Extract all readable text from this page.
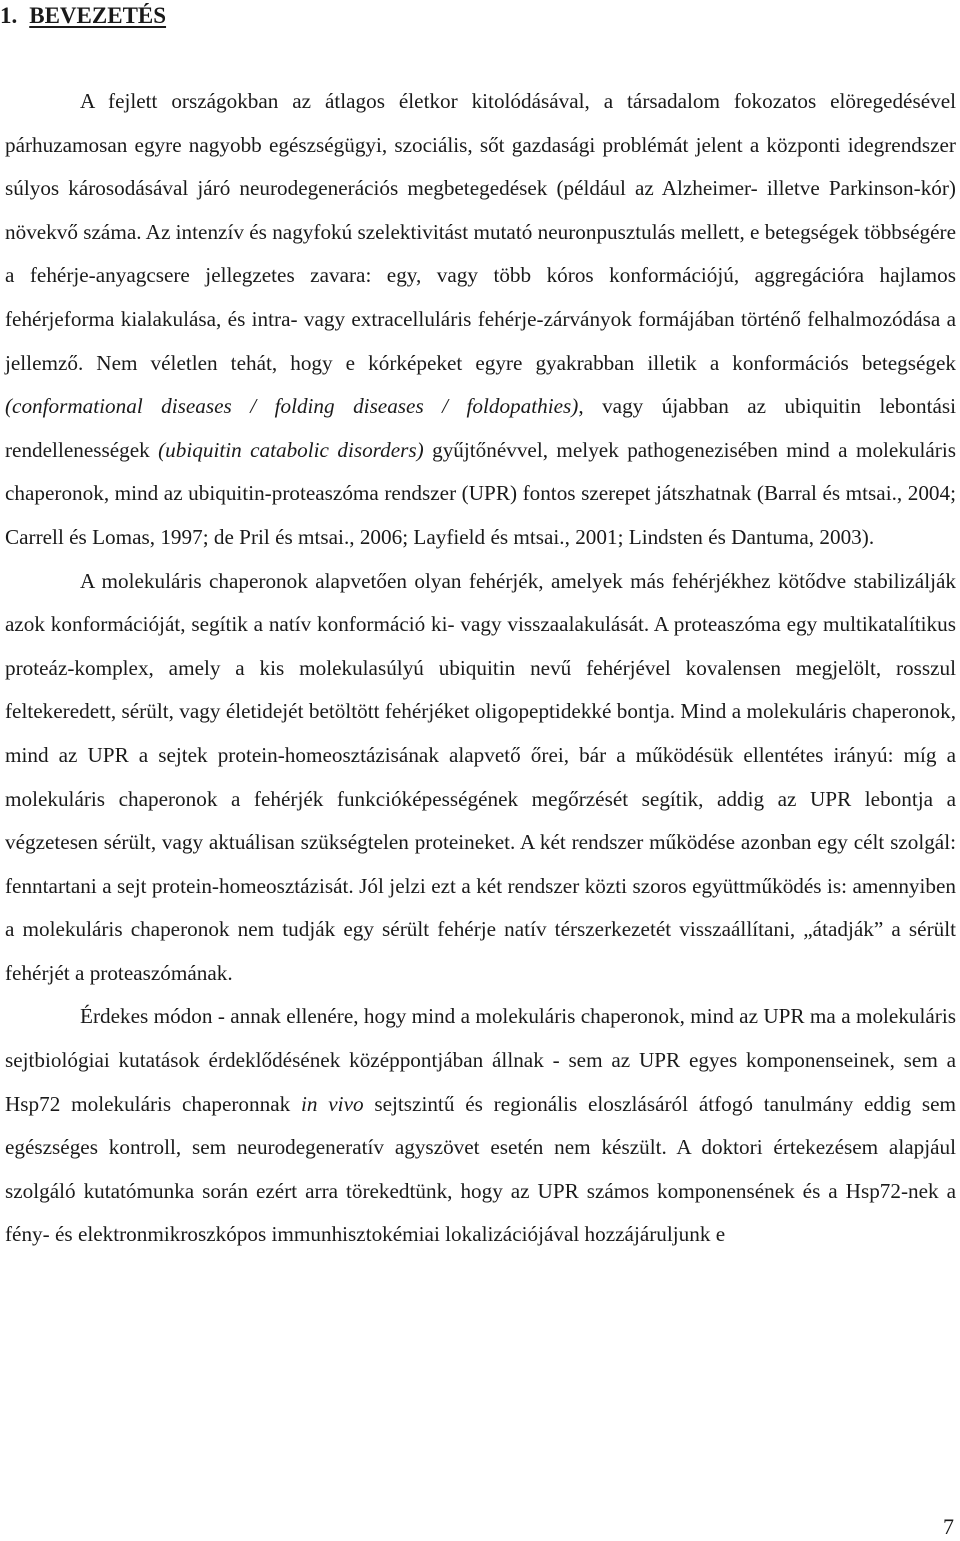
1. BEVEZETÉS

A fejlett országokban az átlagos életkor kitolódásával, a társadalom fokozatos elöregedésével párhuzamosan egyre nagyobb egészségügyi, szociális, sőt gazdasági problémát jelent a központi idegrendszer súlyos károsodásával járó neurodegenerációs megbetegedések (például az Alzheimer- illetve Parkinson-kór) növekvő száma. Az intenzív és nagyfokú szelektivitást mutató neuronpusztulás mellett, e betegségek többségére a fehérje-anyagcsere jellegzetes zavara: egy, vagy több kóros konformációjú, aggregációra hajlamos fehérjeforma kialakulása, és intra- vagy extracelluláris fehérje-zárványok formájában történő felhalmozódása a jellemző. Nem véletlen tehát, hogy e kórképeket egyre gyakrabban illetik a konformációs betegségek (conformational diseases / folding diseases / foldopathies), vagy újabban az ubiquitin lebontási rendellenességek (ubiquitin catabolic disorders) gyűjtőnévvel, melyek pathogenezisében mind a molekuláris chaperonok, mind az ubiquitin-proteaszóma rendszer (UPR) fontos szerepet játszhatnak (Barral és mtsai., 2004; Carrell és Lomas, 1997; de Pril és mtsai., 2006; Layfield és mtsai., 2001; Lindsten és Dantuma, 2003).

A molekuláris chaperonok alapvetően olyan fehérjék, amelyek más fehérjékhez kötődve stabilizálják azok konformációját, segítik a natív konformáció ki- vagy visszaalakulását. A proteaszóma egy multikatalítikus proteáz-komplex, amely a kis molekulasúlyú ubiquitin nevű fehérjével kovalensen megjelölt, rosszul feltekeredett, sérült, vagy életidejét betöltött fehérjéket oligopeptidekké bontja. Mind a molekuláris chaperonok, mind az UPR a sejtek protein-homeosztázisának alapvető őrei, bár a működésük ellentétes irányú: míg a molekuláris chaperonok a fehérjék funkcióképességének megőrzését segítik, addig az UPR lebontja a végzetesen sérült, vagy aktuálisan szükségtelen proteineket. A két rendszer működése azonban egy célt szolgál: fenntartani a sejt protein-homeosztázisát. Jól jelzi ezt a két rendszer közti szoros együttműködés is: amennyiben a molekuláris chaperonok nem tudják egy sérült fehérje natív térszerkezetét visszaállítani, „átadják” a sérült fehérjét a proteaszómának.

Érdekes módon - annak ellenére, hogy mind a molekuláris chaperonok, mind az UPR ma a molekuláris sejtbiológiai kutatások érdeklődésének középpontjában állnak - sem az UPR egyes komponenseinek, sem a Hsp72 molekuláris chaperonnak in vivo sejtszintű és regionális eloszlásáról átfogó tanulmány eddig sem egészséges kontroll, sem neurodegeneratív agyszövet esetén nem készült. A doktori értekezésem alapjául szolgáló kutatómunka során ezért arra törekedtünk, hogy az UPR számos komponensének és a Hsp72-nek a fény- és elektronmikroszkópos immunhisztokémiai lokalizációjával hozzájáruljunk e

7
